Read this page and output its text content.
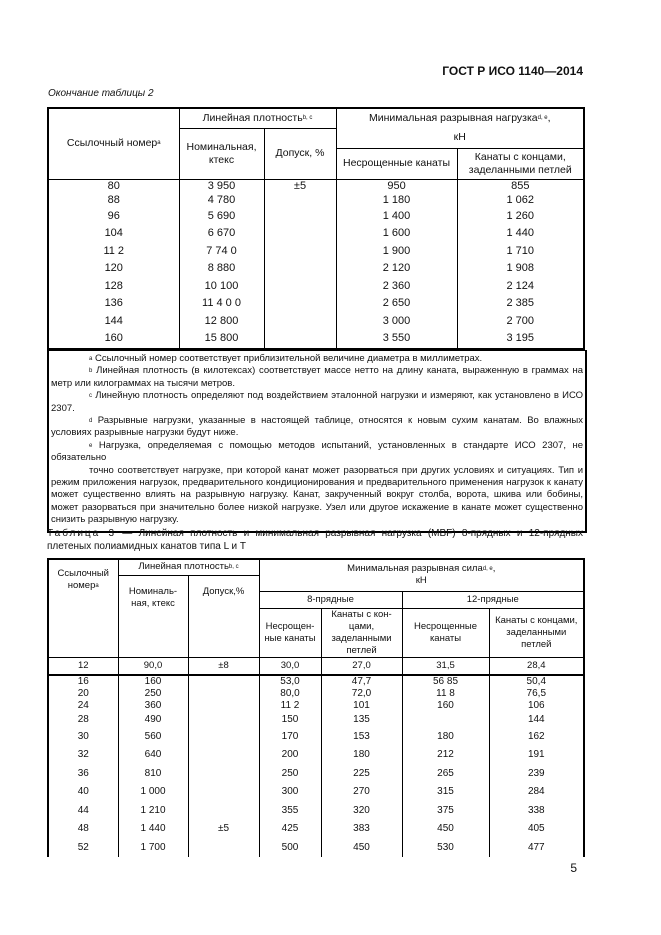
ГОСТ Р ИСО 1140—2014
Окончание таблицы 2
Ссылочный номер$^a$	Линейная плотность$^{b, c}$		Минимальная разрывная нагрузка$^{d, e}$,	
	Номинальная, ктекс	Допуск, %	кН	
			Несрощенные канаты	Канаты с концами, заделанными петлей
80	3 950	±5	950	855
88	4 780		1 180	1 062
96	5 690		1 400	1 260
104	6 670		1 600	1 440
11 2	7 74 0		1 900	1 710
120	8 880		2 120	1 908
128	10 100		2 360	2 124
136	11 4 0 0		2 650	2 385
144	12 800		3 000	2 700
160	15 800		3 550	3 195

$^a$ Ссылочный номер соответствует приблизительной величине диаметра в миллиметрах.

$^b$ Линейная плотность (в килотексах) соответствует массе нетто на длину каната, выраженную в граммах на метр или килограммах на тысячи метров.

$^c$ Линейную плотность определяют под воздействием эталонной нагрузки и измеряют, как установлено в ИСО 2307.

$^d$ Разрывные нагрузки, указанные в настоящей таблице, относятся к новым сухим канатам. Во влажных условиях разрывные нагрузки будут ниже.

$^e$ Нагрузка, определяемая с помощью методов испытаний, установленных в стандарте ИСО 2307, не обязательно

точно соответствует нагрузке, при которой канат может разорваться при других условиях и ситуациях. Тип и режим приложения нагрузок, предварительного кондиционирования и предварительного применения нагрузок к канату может существенно влиять на разрывную нагрузку. Канат, закрученный вокруг столба, ворота, шкива или бобины, может разорваться при значительно более низкой нагрузке. Узел или другое искажение в канате может существенно снизить разрывную нагрузку.

Таблица 3 — Линейная плотность и минимальная разрывная нагрузка (MBF) 8-прядных и 12-прядных плетеных полиамидных канатов типа L и T
Ссылочный номер$^a$	Линейная плотность$^{b, c}$		Минимальная разрывная сила$^{d, e}$,
кН			
	Номиналь-ная, ктекс	Допуск,%				
			8-прядные		12-прядные	
			Несрощен-ные канаты	Канаты с кон-цами, заделанными петлей	Несрощенные канаты	Канаты с концами, заделанными петлей
12	90,0	±8	30,0	27,0	31,5	28,4
16	160		53,0	47,7	56 85	50,4
20	250		80,0	72,0	11 8	76,5
24	360		11 2	101	160	106
28	490		150	135		144
30	560		170	153	180	162
32	640		200	180	212	191
36	810		250	225	265	239
40	1 000		300	270	315	284
44	1 210		355	320	375	338
48	1 440	±5	425	383	450	405
52	1 700		500	450	530	477
5
